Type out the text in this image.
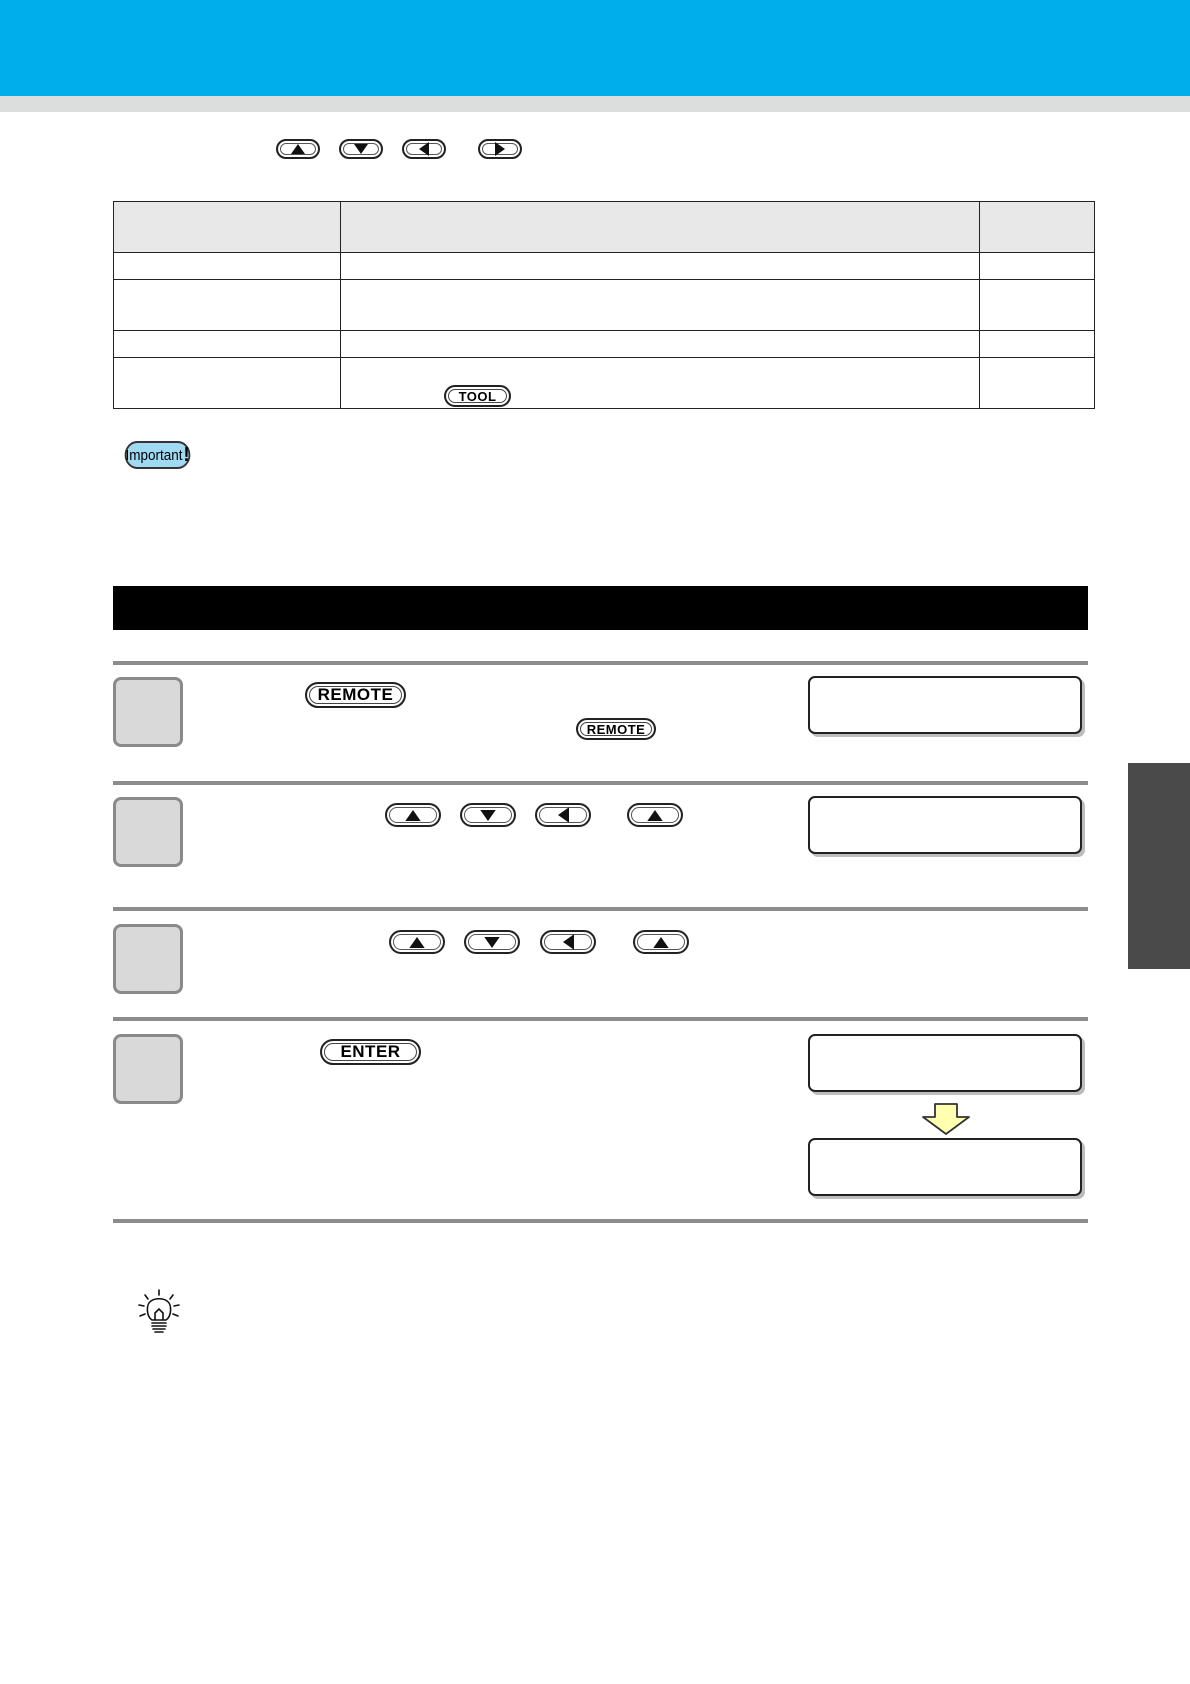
TOOL
Important !
REMOTE
REMOTE
ENTER
